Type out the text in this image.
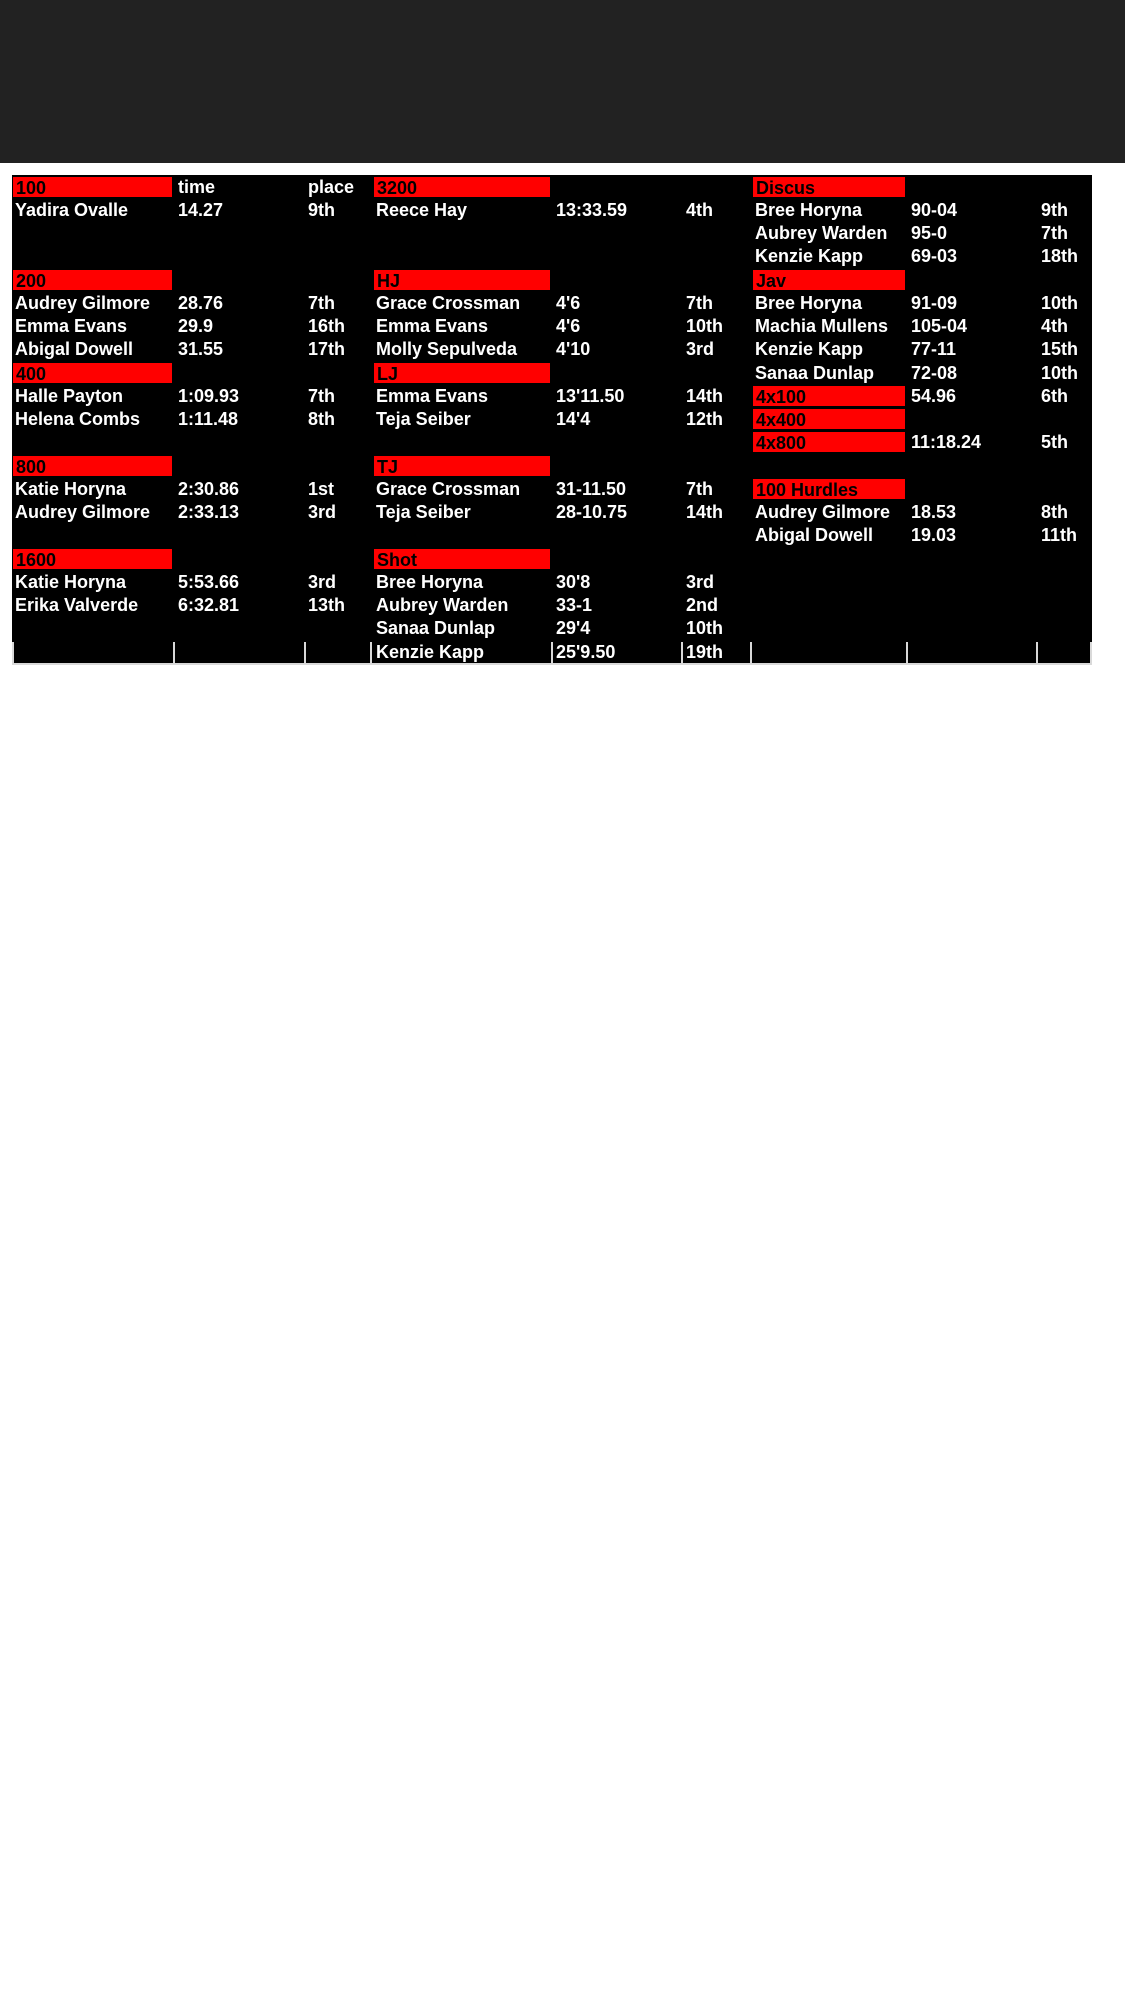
100	time	place
Yadira Ovalle	14.27	9th
200
Audrey Gilmore	28.76	7th
Emma Evans	29.9	16th
Abigal Dowell	31.55	17th
400
Halle Payton	1:09.93	7th
Helena Combs	1:11.48	8th
800
Katie Horyna	2:30.86	1st
Audrey Gilmore	2:33.13	3rd
1600
Katie Horyna	5:53.66	3rd
Erika Valverde	6:32.81	13th
3200
Reece Hay	13:33.59	4th
HJ
Grace Crossman	4'6	7th
Emma Evans	4'6	10th
Molly Sepulveda	4'10	3rd
LJ
Emma Evans	13'11.50	14th
Teja Seiber	14'4	12th
TJ
Grace Crossman	31-11.50	7th
Teja Seiber	28-10.75	14th
Shot
Bree Horyna	30'8	3rd
Aubrey Warden	33-1	2nd
Sanaa Dunlap	29'4	10th
Kenzie Kapp	25'9.50	19th
Discus
Bree Horyna	90-04	9th
Aubrey Warden	95-0	7th
Kenzie Kapp	69-03	18th
Jav
Bree Horyna	91-09	10th
Machia Mullens	105-04	4th
Kenzie Kapp	77-11	15th
Sanaa Dunlap	72-08	10th
4x100	54.96	6th
4x400
4x800	11:18.24	5th
100 Hurdles
Audrey Gilmore	18.53	8th
Abigal Dowell	19.03	11th
